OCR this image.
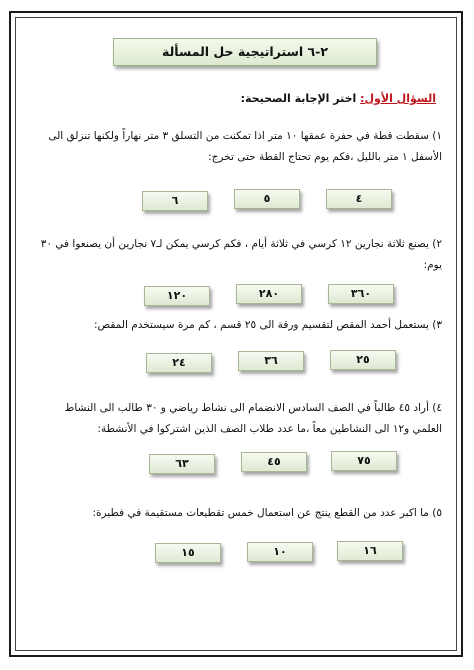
٢-٦ استراتيجية حل المسألة
السؤال الأول: اختر الإجابة الصحيحة:
١) سقطت قطة في حفرة عمقها ١٠ متر اذا تمكنت من التسلق ٣ متر نهاراً ولكنها تنزلق الى الأسفل ١ متر بالليل ،فكم يوم تحتاج القطة حتى تخرج:
٦	٥	٤
٢) يصنع ثلاثة نجارين ١٢ كرسي في ثلاثة أيام ، فكم كرسي يمكن لـ٧ نجارين أن يصنعوا في ٣٠ يوم:
١٢٠	٢٨٠	٣٦٠
٣) يستعمل أحمد المقص لتقسيم ورقة الى ٢٥ قسم ، كم مرة سيستخدم المقص:
٢٤	٣٦	٢٥
٤) أراد ٤٥ طالباً في الصف السادس الانضمام الى نشاط رياضي و ٣٠ طالب الى النشاط العلمي و١٢ الى النشاطين معاً ،ما عدد طلاب الصف الذين اشتركوا في الأنشطة:
٦٣	٤٥	٧٥
٥) ما اكبر عدد من القطع ينتج عن استعمال خمس تقطيعات مستقيمة في فطيرة:
١٥	١٠	١٦
